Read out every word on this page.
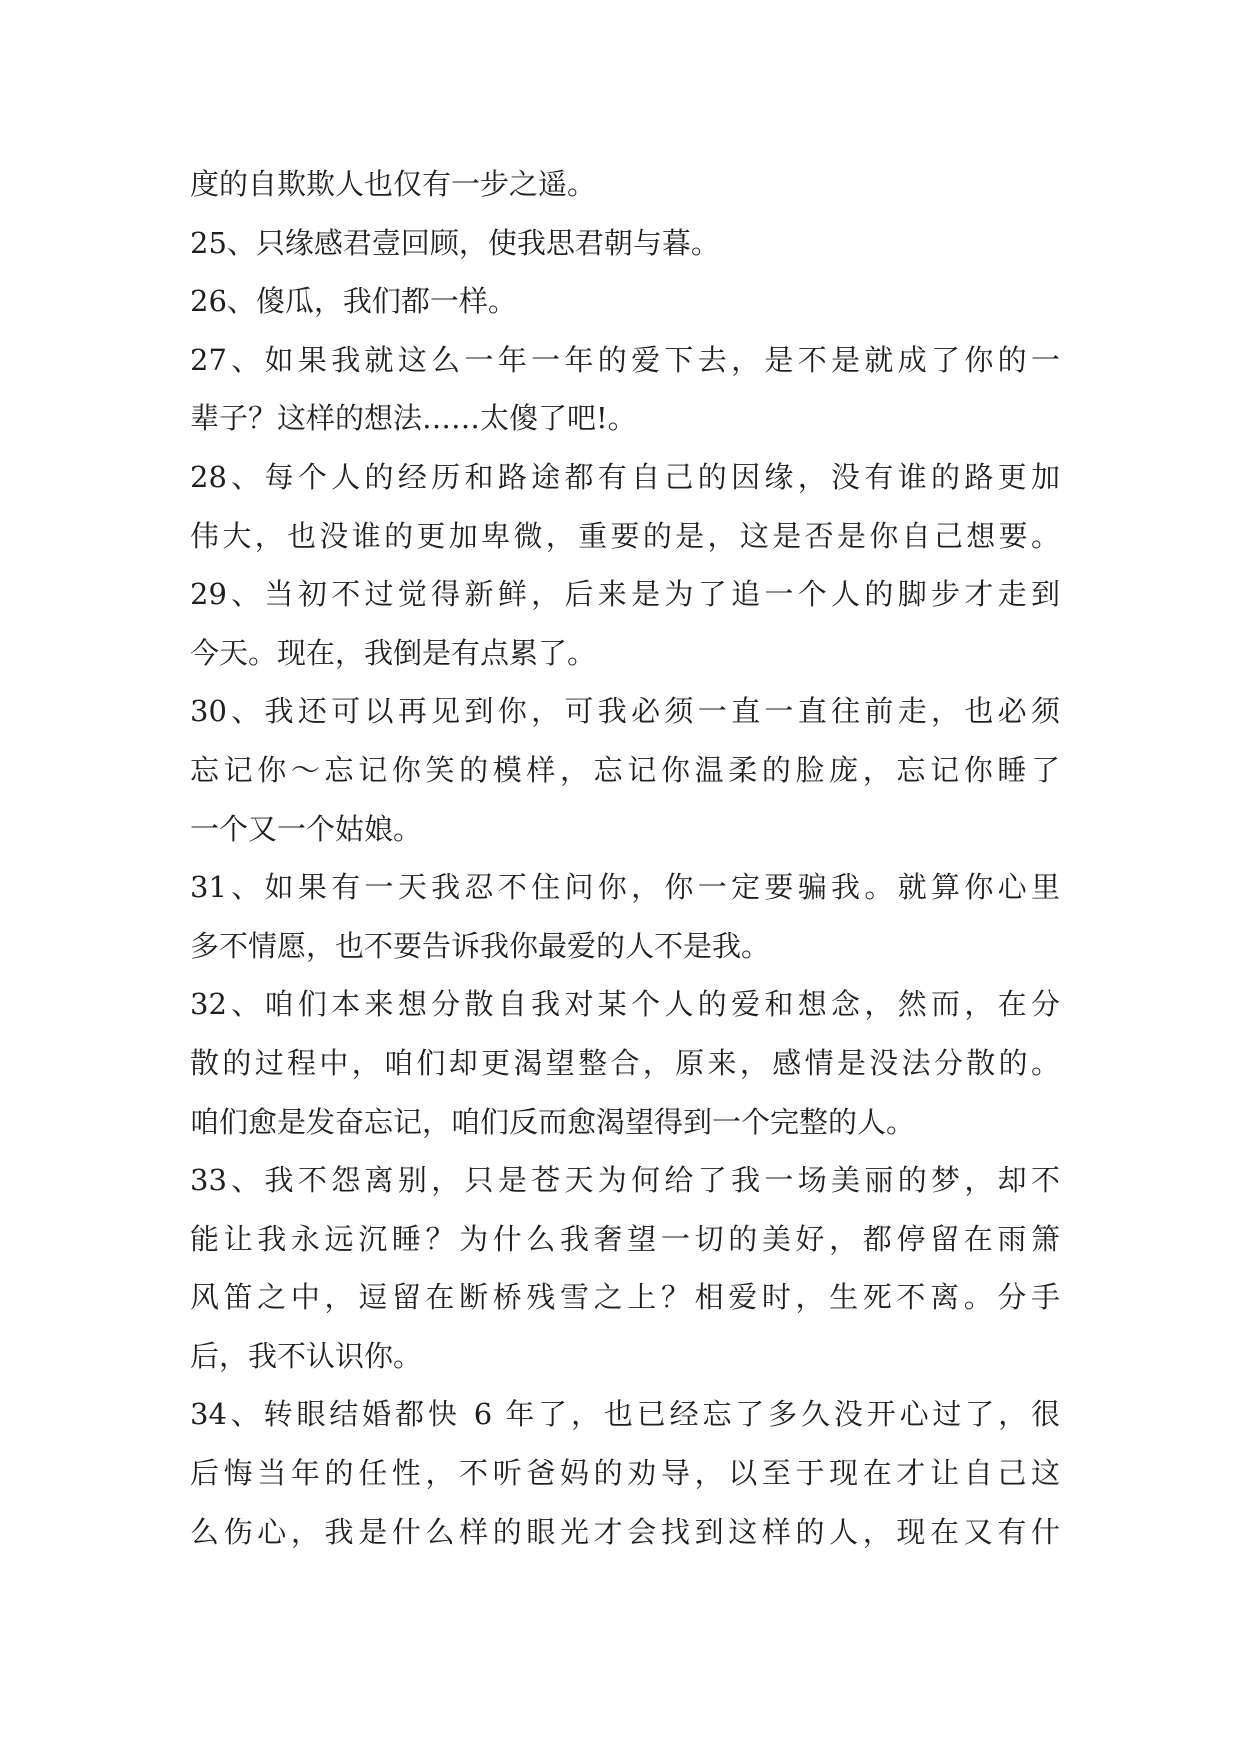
度的自欺欺人也仅有一步之遥。
25、只缘感君壹回顾，使我思君朝与暮。
26、傻瓜，我们都一样。
27、如果我就这么一年一年的爱下去，是不是就成了你的一
辈子？这样的想法……太傻了吧!。
28、每个人的经历和路途都有自己的因缘，没有谁的路更加
伟大，也没谁的更加卑微，重要的是，这是否是你自己想要。
29、当初不过觉得新鲜，后来是为了追一个人的脚步才走到
今天。现在，我倒是有点累了。
30、我还可以再见到你，可我必须一直一直往前走，也必须
忘记你～忘记你笑的模样，忘记你温柔的脸庞，忘记你睡了
一个又一个姑娘。
31、如果有一天我忍不住问你，你一定要骗我。就算你心里
多不情愿，也不要告诉我你最爱的人不是我。
32、咱们本来想分散自我对某个人的爱和想念，然而，在分
散的过程中，咱们却更渴望整合，原来，感情是没法分散的。
咱们愈是发奋忘记，咱们反而愈渴望得到一个完整的人。
33、我不怨离别，只是苍天为何给了我一场美丽的梦，却不
能让我永远沉睡？为什么我奢望一切的美好，都停留在雨箫
风笛之中，逗留在断桥残雪之上？相爱时，生死不离。分手
后，我不认识你。
34、转眼结婚都快 6 年了，也已经忘了多久没开心过了，很
后悔当年的任性，不听爸妈的劝导，以至于现在才让自己这
么伤心，我是什么样的眼光才会找到这样的人，现在又有什
